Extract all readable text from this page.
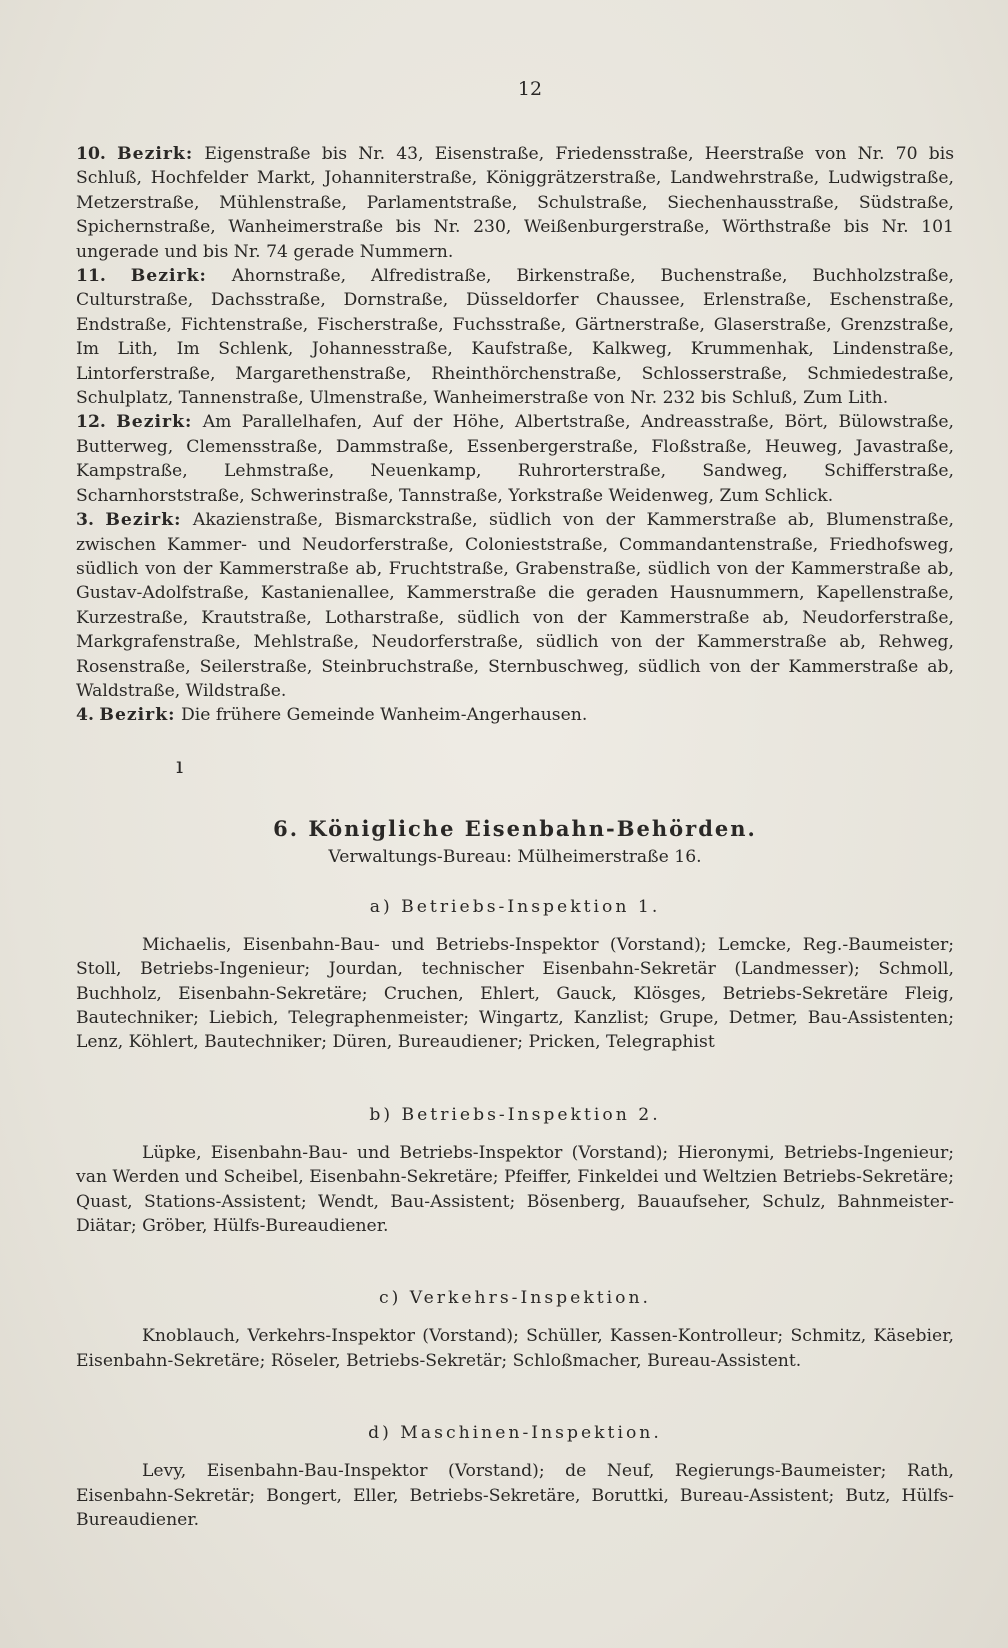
12

10. Bezirk: Eigenstraße bis Nr. 43, Eisenstraße, Friedensstraße, Heerstraße von Nr. 70 bis Schluß, Hochfelder Markt, Johanniterstraße, Königgrätzerstraße, Landwehrstraße, Ludwigstraße, Metzerstraße, Mühlenstraße, Parlamentstraße, Schulstraße, Siechenhausstraße, Südstraße, Spichernstraße, Wanheimerstraße bis Nr. 230, Weißenburgerstraße, Wörthstraße bis Nr. 101 ungerade und bis Nr. 74 gerade Nummern.

11. Bezirk: Ahornstraße, Alfredistraße, Birkenstraße, Buchenstraße, Buchholzstraße, Culturstraße, Dachsstraße, Dornstraße, Düsseldorfer Chaussee, Erlenstraße, Eschenstraße, Endstraße, Fichtenstraße, Fischerstraße, Fuchsstraße, Gärtnerstraße, Glaserstraße, Grenzstraße, Im Lith, Im Schlenk, Johannesstraße, Kaufstraße, Kalkweg, Krummenhak, Lindenstraße, Lintorferstraße, Margarethenstraße, Rheinthörchenstraße, Schlosserstraße, Schmiedestraße, Schulplatz, Tannenstraße, Ulmenstraße, Wanheimerstraße von Nr. 232 bis Schluß, Zum Lith.

12. Bezirk: Am Parallelhafen, Auf der Höhe, Albertstraße, Andreasstraße, Bört, Bülowstraße, Butterweg, Clemensstraße, Dammstraße, Essenbergerstraße, Floßstraße, Heuweg, Javastraße, Kampstraße, Lehmstraße, Neuenkamp, Ruhrorterstraße, Sandweg, Schifferstraße, Scharnhorststraße, Schwerinstraße, Tannstraße, Yorkstraße Weidenweg, Zum Schlick.

3. Bezirk: Akazienstraße, Bismarckstraße, südlich von der Kammerstraße ab, Blumenstraße, zwischen Kammer- und Neudorferstraße, Colonieststraße, Commandantenstraße, Friedhofsweg, südlich von der Kammerstraße ab, Fruchtstraße, Grabenstraße, südlich von der Kammerstraße ab, Gustav-Adolfstraße, Kastanienallee, Kammerstraße die geraden Hausnummern, Kapellenstraße, Kurzestraße, Krautstraße, Lotharstraße, südlich von der Kammerstraße ab, Neudorferstraße, Markgrafenstraße, Mehlstraße, Neudorferstraße, südlich von der Kammerstraße ab, Rehweg, Rosenstraße, Seilerstraße, Steinbruchstraße, Sternbuschweg, südlich von der Kammerstraße ab, Waldstraße, Wildstraße.

4. Bezirk: Die frühere Gemeinde Wanheim-Angerhausen.

ı
6. Königliche Eisenbahn-Behörden.
Verwaltungs-Bureau: Mülheimerstraße 16.
a) Betriebs-Inspektion 1.

Michaelis, Eisenbahn-Bau- und Betriebs-Inspektor (Vorstand); Lemcke, Reg.-Baumeister; Stoll, Betriebs-Ingenieur; Jourdan, technischer Eisenbahn-Sekretär (Landmesser); Schmoll, Buchholz, Eisenbahn-Sekretäre; Cruchen, Ehlert, Gauck, Klösges, Betriebs-Sekretäre Fleig, Bautechniker; Liebich, Telegraphenmeister; Wingartz, Kanzlist; Grupe, Detmer, Bau-Assistenten; Lenz, Köhlert, Bautechniker; Düren, Bureaudiener; Pricken, Telegraphist

b) Betriebs-Inspektion 2.

Lüpke, Eisenbahn-Bau- und Betriebs-Inspektor (Vorstand); Hieronymi, Betriebs-Ingenieur; van Werden und Scheibel, Eisenbahn-Sekretäre; Pfeiffer, Finkeldei und Weltzien Betriebs-Sekretäre; Quast, Stations-Assistent; Wendt, Bau-Assistent; Bösenberg, Bauaufseher, Schulz, Bahnmeister-Diätar; Gröber, Hülfs-Bureaudiener.

c) Verkehrs-Inspektion.

Knoblauch, Verkehrs-Inspektor (Vorstand); Schüller, Kassen-Kontrolleur; Schmitz, Käsebier, Eisenbahn-Sekretäre; Röseler, Betriebs-Sekretär; Schloßmacher, Bureau-Assistent.

d) Maschinen-Inspektion.

Levy, Eisenbahn-Bau-Inspektor (Vorstand); de Neuf, Regierungs-Baumeister; Rath, Eisenbahn-Sekretär; Bongert, Eller, Betriebs-Sekretäre, Boruttki, Bureau-Assistent; Butz, Hülfs-Bureaudiener.
